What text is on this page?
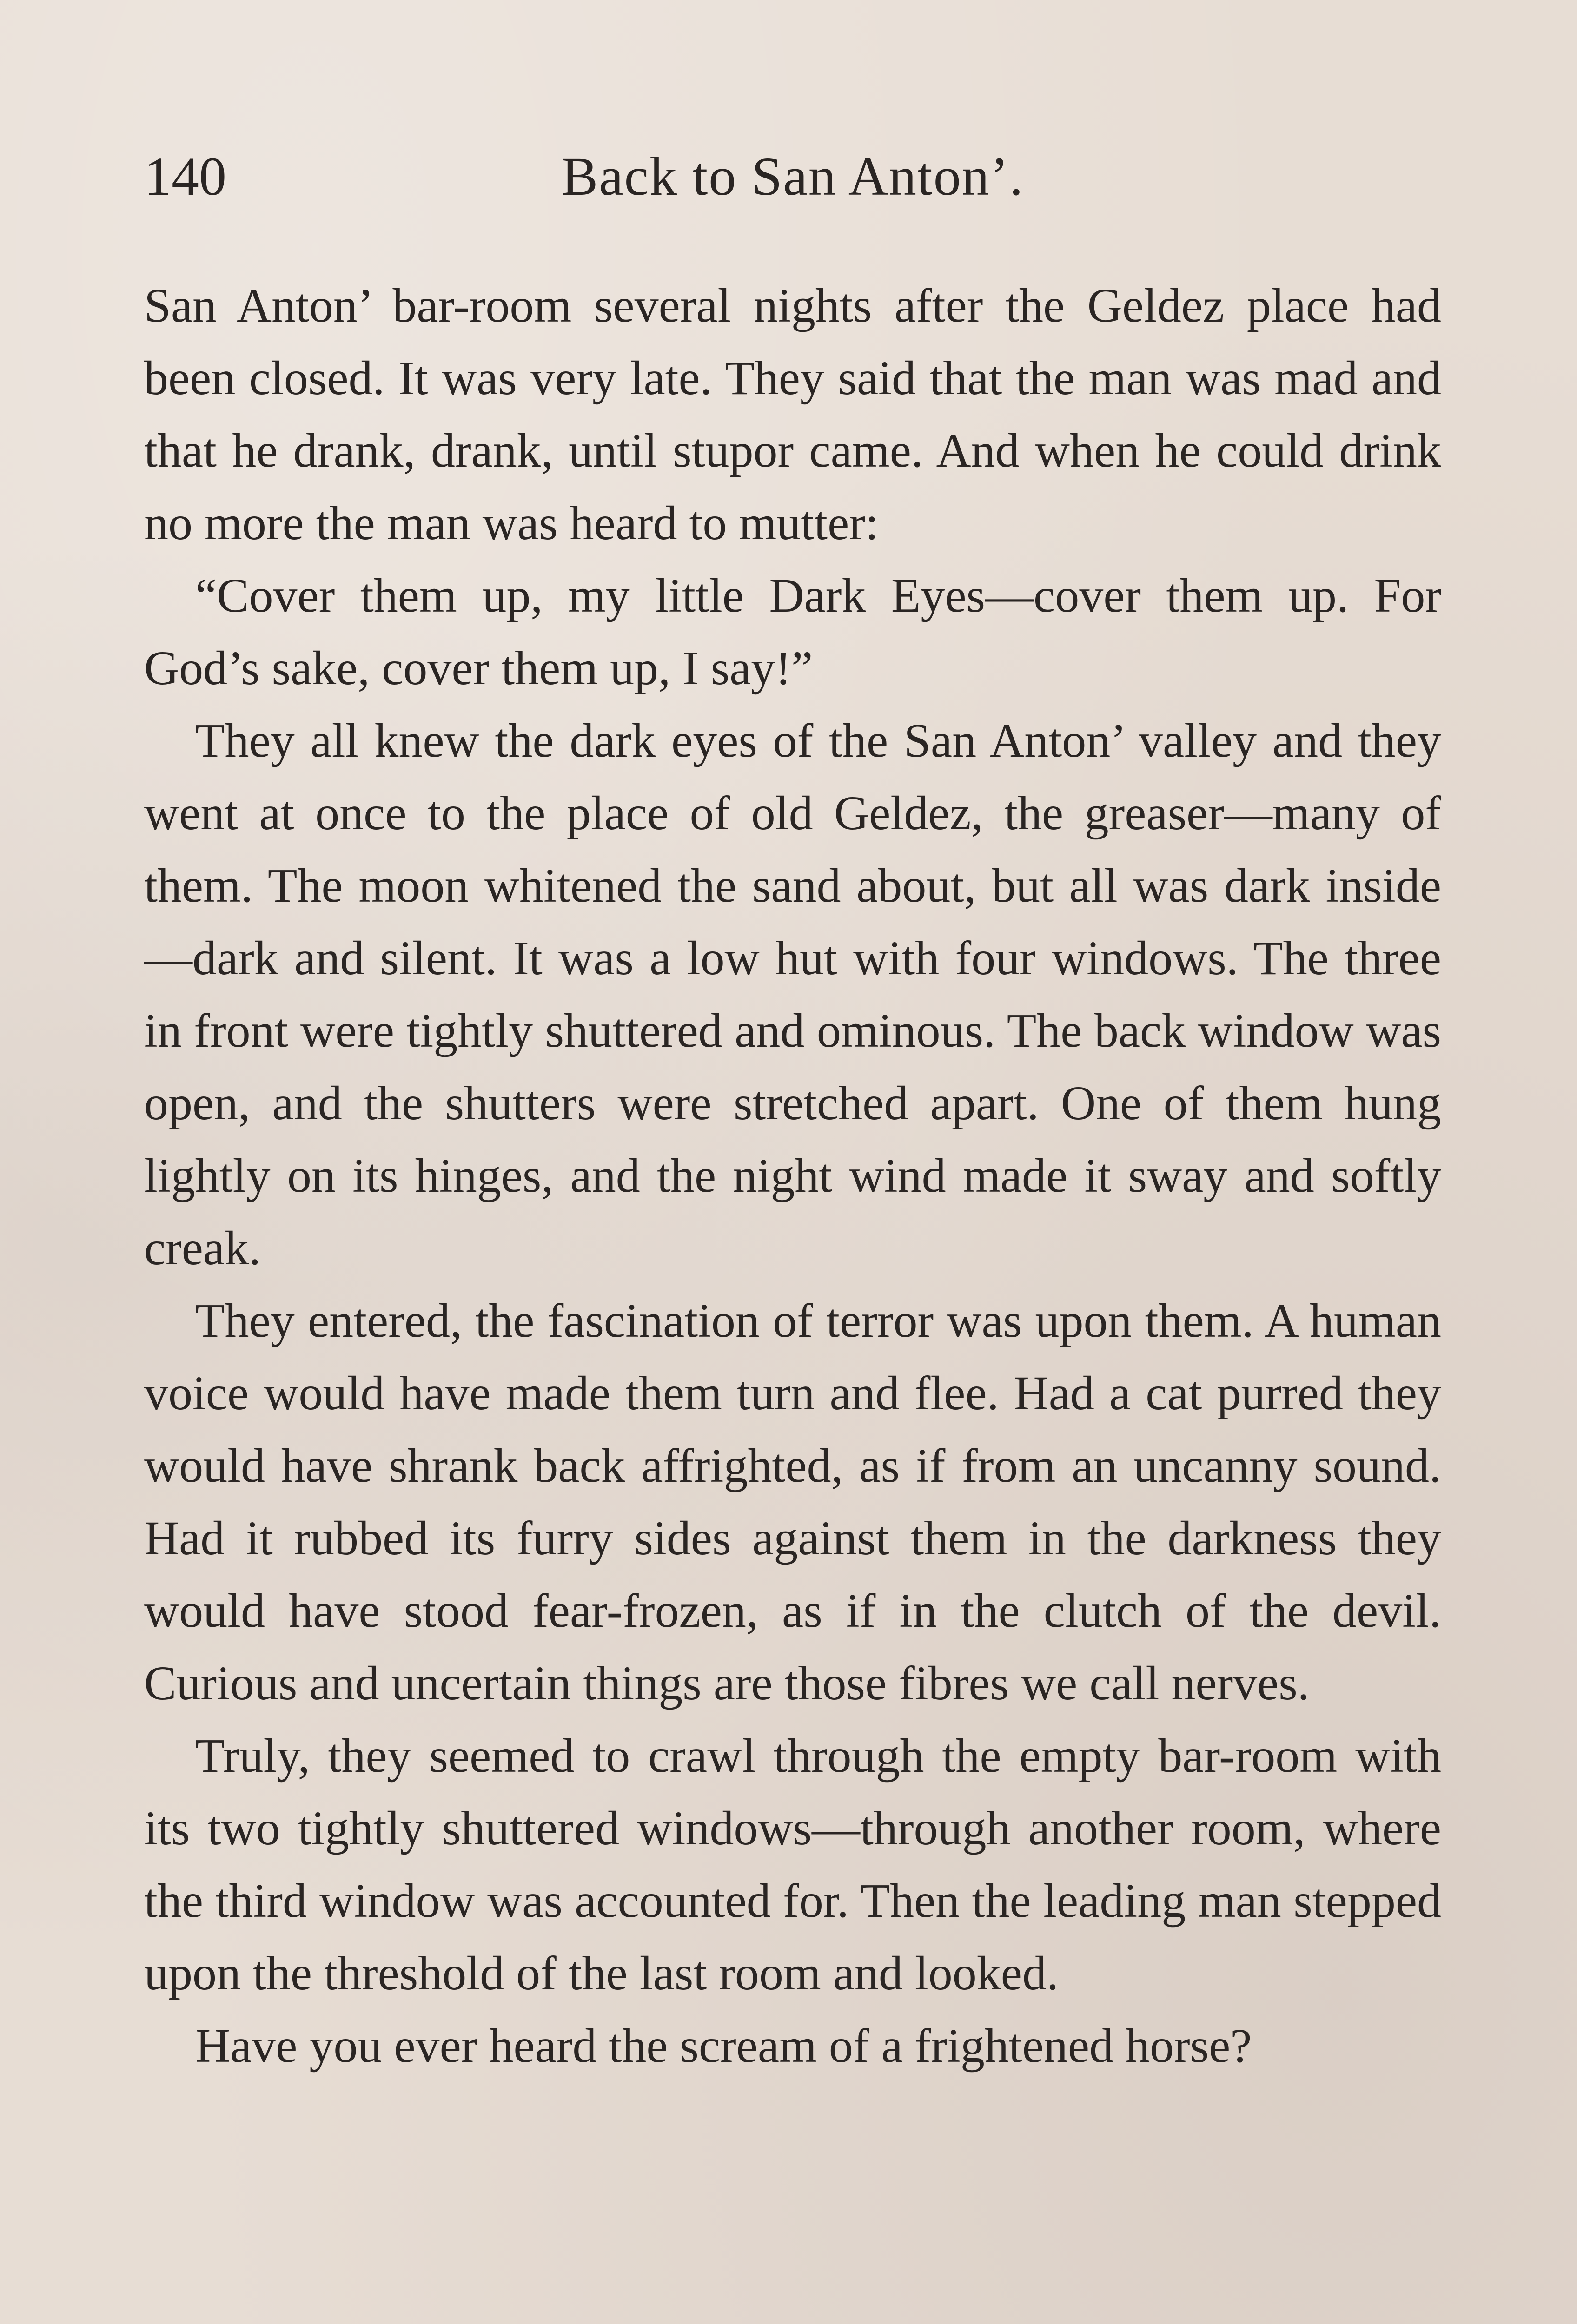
140	Back to San Anton’.

San Anton’ bar-room several nights after the Geldez place had been closed. It was very late. They said that the man was mad and that he drank, drank, until stupor came. And when he could drink no more the man was heard to mutter:

“Cover them up, my little Dark Eyes—cover them up. For God’s sake, cover them up, I say!”

They all knew the dark eyes of the San Anton’ valley and they went at once to the place of old Geldez, the greaser—many of them. The moon whitened the sand about, but all was dark inside—dark and silent. It was a low hut with four windows. The three in front were tightly shuttered and ominous. The back window was open, and the shutters were stretched apart. One of them hung lightly on its hinges, and the night wind made it sway and softly creak.

They entered, the fascination of terror was upon them. A human voice would have made them turn and flee. Had a cat purred they would have shrank back affrighted, as if from an uncanny sound. Had it rubbed its furry sides against them in the darkness they would have stood fear-frozen, as if in the clutch of the devil. Curious and uncertain things are those fibres we call nerves.

Truly, they seemed to crawl through the empty bar-room with its two tightly shuttered windows—through another room, where the third window was accounted for. Then the leading man stepped upon the threshold of the last room and looked.

Have you ever heard the scream of a frightened horse?
